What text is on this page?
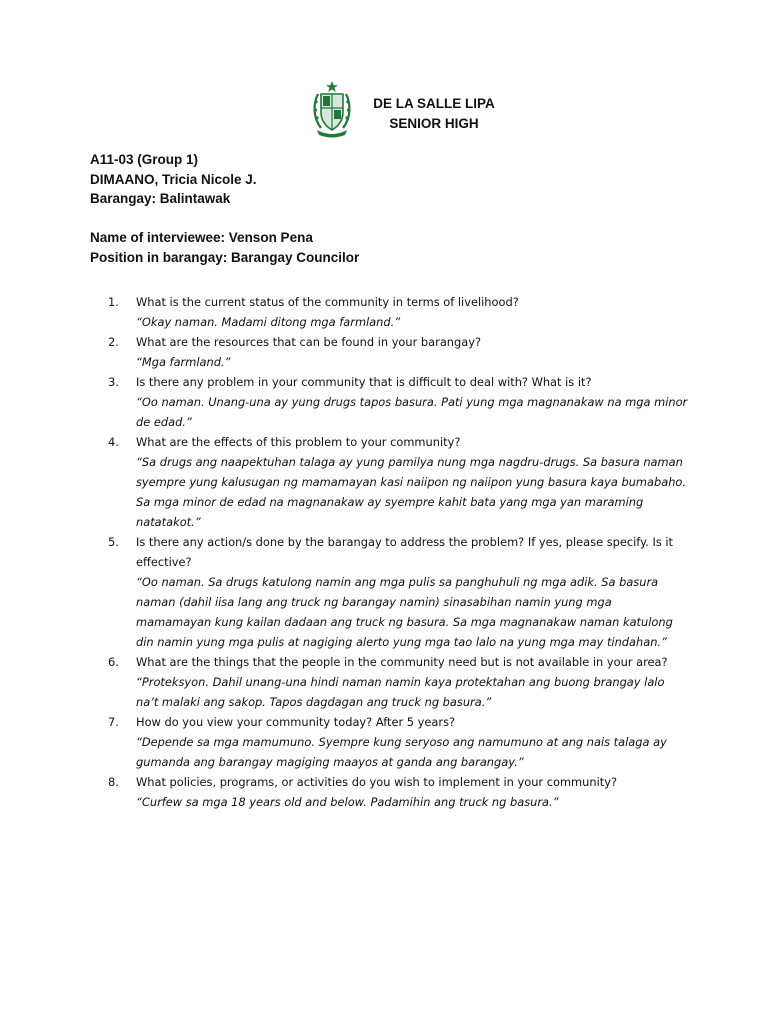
DE LA SALLE LIPA
SENIOR HIGH
A11-03 (Group 1)
DIMAANO, Tricia Nicole J.
Barangay: Balintawak
Name of interviewee: Venson Pena
Position in barangay: Barangay Councilor
1. What is the current status of the community in terms of livelihood?
“Okay naman. Madami ditong mga farmland.”
2. What are the resources that can be found in your barangay?
“Mga farmland.”
3. Is there any problem in your community that is difficult to deal with? What is it?
“Oo naman. Unang-una ay yung drugs tapos basura. Pati yung mga magnanakaw na mga minor
de edad.”
4. What are the effects of this problem to your community?
“Sa drugs ang naapektuhan talaga ay yung pamilya nung mga nagdru-drugs. Sa basura naman
syempre yung kalusugan ng mamamayan kasi naiipon ng naiipon yung basura kaya bumabaho.
Sa mga minor de edad na magnanakaw ay syempre kahit bata yang mga yan maraming
natatakot.”
5. Is there any action/s done by the barangay to address the problem? If yes, please specify. Is it
effective?
“Oo naman. Sa drugs katulong namin ang mga pulis sa panghuhuli ng mga adik. Sa basura
naman (dahil iisa lang ang truck ng barangay namin) sinasabihan namin yung mga
mamamayan kung kailan dadaan ang truck ng basura. Sa mga magnanakaw naman katulong
din namin yung mga pulis at nagiging alerto yung mga tao lalo na yung mga may tindahan.”
6. What are the things that the people in the community need but is not available in your area?
“Proteksyon. Dahil unang-una hindi naman namin kaya protektahan ang buong brangay lalo
na’t malaki ang sakop. Tapos dagdagan ang truck ng basura.”
7. How do you view your community today? After 5 years?
“Depende sa mga mamumuno. Syempre kung seryoso ang namumuno at ang nais talaga ay
gumanda ang barangay magiging maayos at ganda ang barangay.”
8. What policies, programs, or activities do you wish to implement in your community?
“Curfew sa mga 18 years old and below. Padamihin ang truck ng basura.”
